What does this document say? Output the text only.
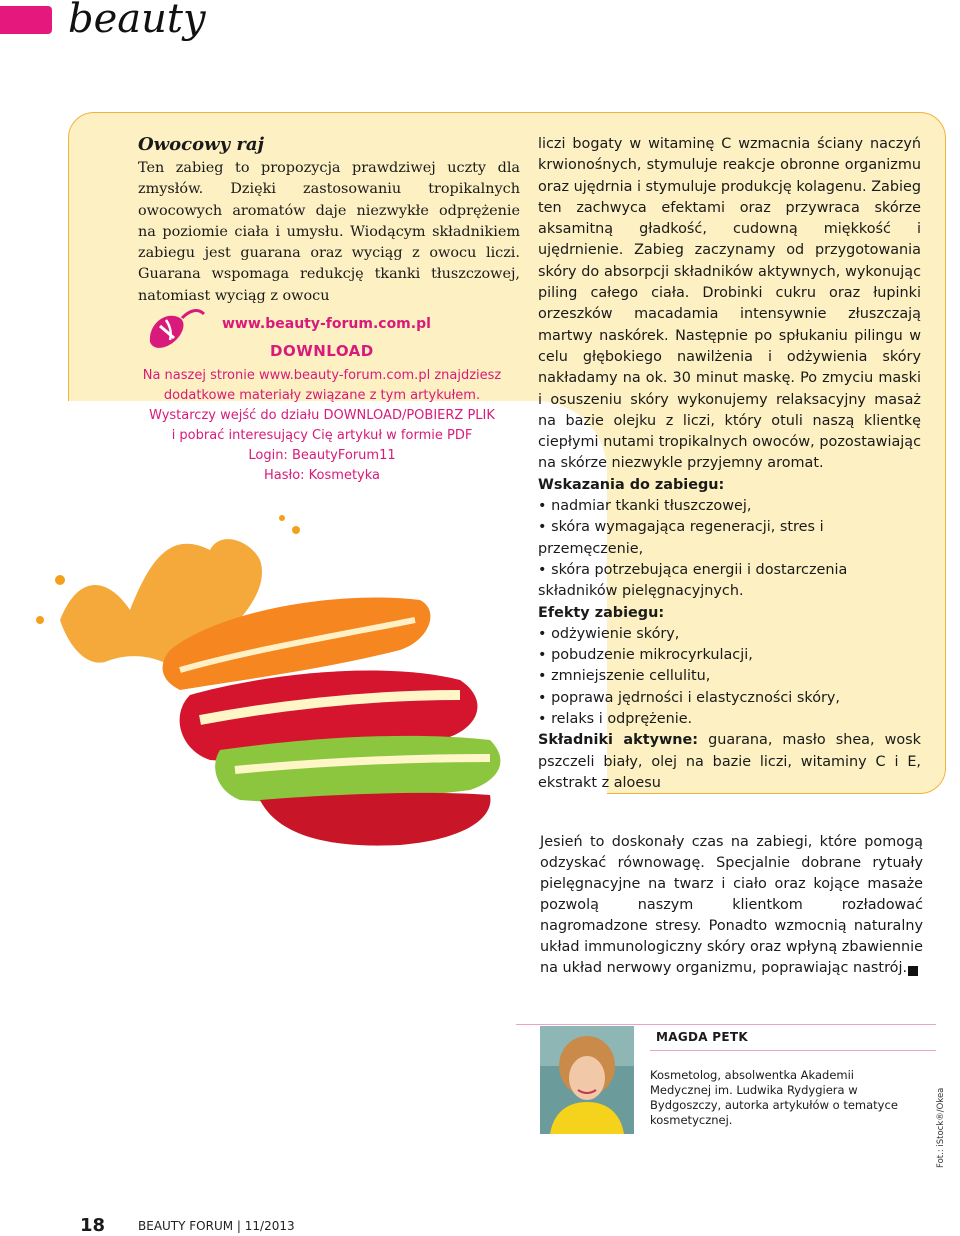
beauty
Owocowy raj
Ten zabieg to propozycja prawdziwej uczty dla zmysłów. Dzięki zastosowaniu tropikalnych owocowych aromatów daje niezwykłe odprężenie na poziomie ciała i umysłu. Wiodącym składnikiem zabiegu jest guarana oraz wyciąg z owocu liczi. Guarana wspomaga redukcję tkanki tłuszczowej, natomiast wyciąg z owocu
www.beauty-forum.com.pl
DOWNLOAD
Na naszej stronie www.beauty-forum.com.pl znajdziesz
dodatkowe materiały związane z tym artykułem.
Wystarczy wejść do działu DOWNLOAD/POBIERZ PLIK
i pobrać interesujący Cię artykuł w formie PDF
Login: BeautyForum11
Hasło: Kosmetyka

liczi bogaty w witaminę C wzmacnia ściany naczyń krwionośnych, stymuluje reakcje obronne organizmu oraz ujędrnia i stymuluje produkcję kolagenu. Zabieg ten zachwyca efektami oraz przywraca skórze aksamitną gładkość, cudowną miękkość i ujędrnienie. Zabieg zaczynamy od przygotowania skóry do absorpcji składników aktywnych, wykonując piling całego ciała. Drobinki cukru oraz łupinki orzeszków macadamia intensywnie złuszczają martwy naskórek. Następnie po spłukaniu pilingu w celu głębokiego nawilżenia i odżywienia skóry nakładamy na ok. 30 minut maskę. Po zmyciu maski i osuszeniu skóry wykonujemy relaksacyjny masaż na bazie olejku z liczi, który otuli naszą klientkę ciepłymi nutami tropikalnych owoców, pozostawiając na skórze niezwykle przyjemny aromat.

Wskazania do zabiegu:

• nadmiar tkanki tłuszczowej,
• skóra wymagająca regeneracji, stres i przemęczenie,
• skóra potrzebująca energii i dostarczenia składników pielęgnacyjnych.

Efekty zabiegu:

• odżywienie skóry,
• pobudzenie mikrocyrkulacji,
• zmniejszenie cellulitu,
• poprawa jędrności i elastyczności skóry,
• relaks i odprężenie.

Składniki aktywne: guarana, masło shea, wosk pszczeli biały, olej na bazie liczi, witaminy C i E, ekstrakt z aloesu

Jesień to doskonały czas na zabiegi, które pomogą odzyskać równowagę. Specjalnie dobrane rytuały pielęgnacyjne na twarz i ciało oraz kojące masaże pozwolą naszym klientkom rozładować nagromadzone stresy. Ponadto wzmocnią naturalny układ immunologiczny skóry oraz wpłyną zbawiennie na układ nerwowy organizmu, poprawiając nastrój.
MAGDA PETK
Kosmetolog, absolwentka Akademii Medycznej im. Ludwika Rydygiera w Bydgoszczy, autorka artykułów o tematyce kosmetycznej.	Fot.: iStock®/Okea
18	BEAUTY FORUM | 11/2013
